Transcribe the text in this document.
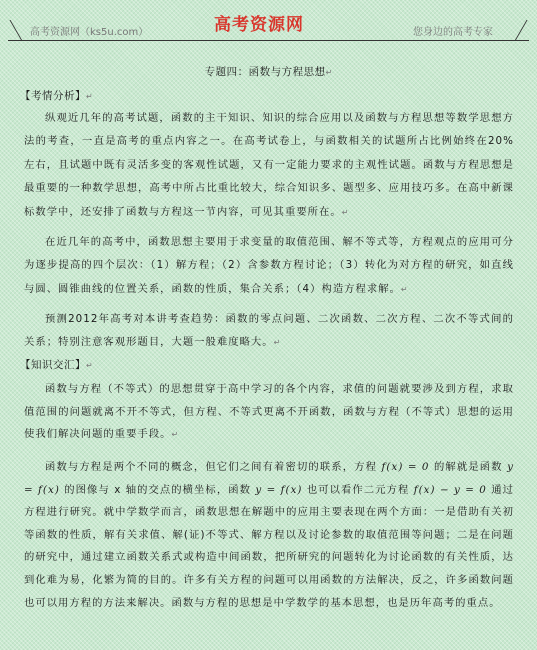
高考资源网（ks5u.com）	您身边的高考专家
高考资源网
专题四：函数与方程思想↵
【考情分析】↵
纵观近几年的高考试题，函数的主干知识、知识的综合应用以及函数与方程思想等数学思想方法的考查，一直是高考的重点内容之一。在高考试卷上，与函数相关的试题所占比例始终在20%左右，且试题中既有灵活多变的客观性试题，又有一定能力要求的主观性试题。函数与方程思想是最重要的一种数学思想，高考中所占比重比较大，综合知识多、题型多、应用技巧多。在高中新课标数学中，还安排了函数与方程这一节内容，可见其重要所在。↵
在近几年的高考中，函数思想主要用于求变量的取值范围、解不等式等，方程观点的应用可分为逐步提高的四个层次：（1）解方程；（2）含参数方程讨论；（3）转化为对方程的研究，如直线与圆、圆锥曲线的位置关系，函数的性质，集合关系；（4）构造方程求解。↵
预测2012年高考对本讲考查趋势：函数的零点问题、二次函数、二次方程、二次不等式间的关系；特别注意客观形题目，大题一般难度略大。↵
【知识交汇】↵
函数与方程（不等式）的思想贯穿于高中学习的各个内容，求值的问题就要涉及到方程，求取值范围的问题就离不开不等式，但方程、不等式更离不开函数，函数与方程（不等式）思想的运用使我们解决问题的重要手段。↵
函数与方程是两个不同的概念，但它们之间有着密切的联系，方程 f(x) = 0 的解就是函数 y = f(x) 的图像与 x 轴的交点的横坐标，函数 y = f(x) 也可以看作二元方程 f(x) − y = 0 通过方程进行研究。就中学数学而言，函数思想在解题中的应用主要表现在两个方面：一是借助有关初等函数的性质，解有关求值、解(证)不等式、解方程以及讨论参数的取值范围等问题；二是在问题的研究中，通过建立函数关系式或构造中间函数，把所研究的问题转化为讨论函数的有关性质，达到化难为易，化繁为简的目的。许多有关方程的问题可以用函数的方法解决，反之，许多函数问题也可以用方程的方法来解决。函数与方程的思想是中学数学的基本思想，也是历年高考的重点。
